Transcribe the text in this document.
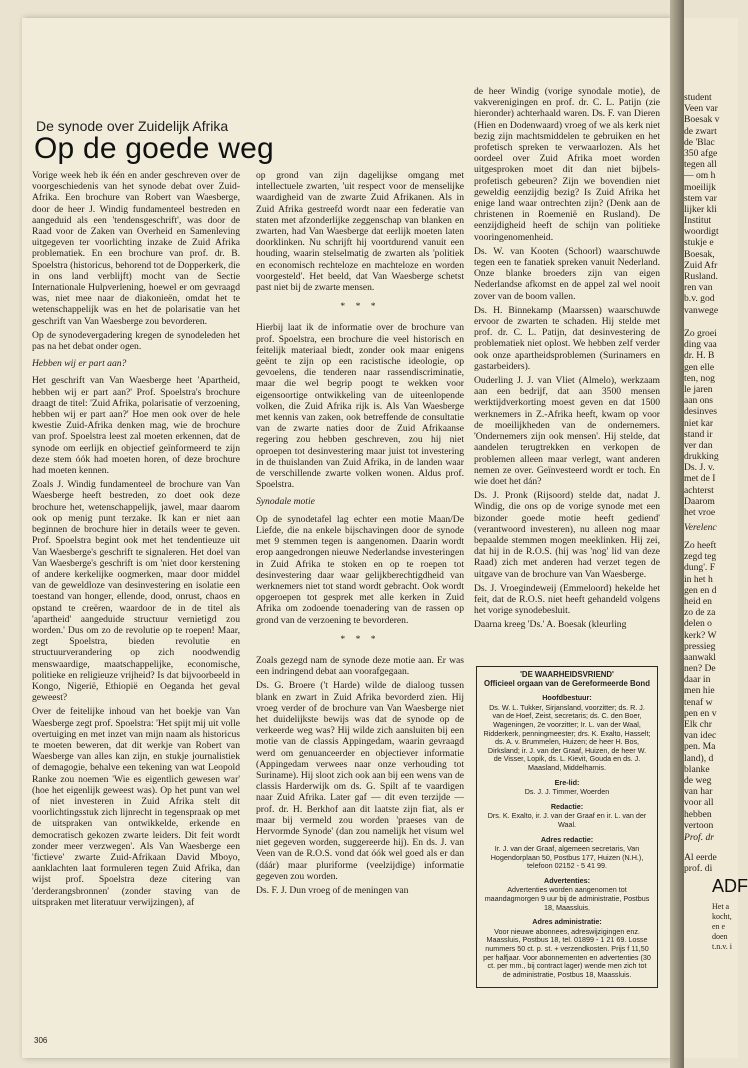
De synode over Zuidelijk Afrika
Op de goede weg

Vorige week heb ik één en ander geschreven over de voorgeschiedenis van het synode debat over Zuid-Afrika. Een brochure van Robert van Waesberge, door de heer J. Windig fundamenteel bestreden en aangeduid als een 'tendensgeschrift', was door de Raad voor de Zaken van Overheid en Samenleving uitgegeven ter voorlichting inzake de Zuid Afrika problematiek. En een brochure van prof. dr. B. Spoelstra (historicus, behorend tot de Dopperkerk, die in ons land verblijft) mocht van de Sectie Internationale Hulpverlening, hoewel er om gevraagd was, niet mee naar de diakonieën, omdat het te wetenschappelijk was en het de polarisatie van het geschrift van Van Waesberge zou bevorderen.

Op de synodevergadering kregen de synodeleden het pas na het debat onder ogen.

Hebben wij er part aan?

Het geschrift van Van Waesberge heet 'Apartheid, hebben wij er part aan?' Prof. Spoelstra's brochure draagt de titel: 'Zuid Afrika, polarisatie of verzoening, hebben wij er part aan?' Hoe men ook over de hele kwestie Zuid-Afrika denken mag, wie de brochure van prof. Spoelstra leest zal moeten erkennen, dat de synode om eerlijk en objectief geïnformeerd te zijn deze stem óók had moeten horen, of deze brochure had moeten kennen.

Zoals J. Windig fundamenteel de brochure van Van Waesberge heeft bestreden, zo doet ook deze brochure het, wetenschappelijk, jawel, maar daarom ook op menig punt terzake. Ik kan er niet aan beginnen de brochure hier in details weer te geven. Prof. Spoelstra begint ook met het tendentieuze uit Van Waesberge's geschrift te signaleren. Het doel van Van Waesberge's geschrift is om 'niet door kerstening of andere kerkelijke oogmerken, maar door middel van de geweldloze van desinvestering en isolatie een toestand van honger, ellende, dood, onrust, chaos en opstand te creëren, waardoor de in de titel als 'apartheid' aangeduide structuur vernietigd zou worden.' Dus om zo de revolutie op te roepen! Maar, zegt Spoelstra, bieden revolutie en structuurverandering op zich noodwendig menswaardige, maatschappelijke, economische, politieke en religieuze vrijheid? Is dat bijvoorbeeld in Kongo, Nigerië, Ethiopië en Oeganda het geval geweest?

Over de feitelijke inhoud van het boekje van Van Waesberge zegt prof. Spoelstra: 'Het spijt mij uit volle overtuiging en met inzet van mijn naam als historicus te moeten beweren, dat dit werkje van Robert van Waesberge van alles kan zijn, en stukje journalistiek of demagogie, behalve een tekening van wat Leopold Ranke zou noemen 'Wie es eigentlich gewesen war' (hoe het eigenlijk geweest was). Op het punt van wel of niet investeren in Zuid Afrika stelt dit voorlichtingsstuk zich lijnrecht in tegenspraak op met de uitspraken van ontwikkelde, erkende en democratisch gekozen zwarte leiders. Dit feit wordt zonder meer verzwegen'. Als Van Waesberge een 'fictieve' zwarte Zuid-Afrikaan David Mboyo, aanklachten laat formuleren tegen Zuid Afrika, dan wijst prof. Spoelstra deze citering van 'derderangsbronnen' (zonder staving van de uitspraken met literatuur verwijzingen), af

op grond van zijn dagelijkse omgang met intellectuele zwarten, 'uit respect voor de menselijke waardigheid van de zwarte Zuid Afrikanen. Als in Zuid Afrika gestreefd wordt naar een federatie van staten met afzonderlijke zeggenschap van blanken en zwarten, had Van Waesberge dat eerlijk moeten laten doorklinken. Nu schrijft hij voortdurend vanuit een houding, waarin stelselmatig de zwarten als 'politiek en economisch rechteloze en machteloze en worden voorgesteld'. Het beeld, dat Van Waesberge schetst past niet bij de zwarte mensen.

* * *

Hierbij laat ik de informatie over de brochure van prof. Spoelstra, een brochure die veel historisch en feitelijk materiaal biedt, zonder ook maar enigens geënt te zijn op een racistische ideologie, op gevoelens, die tenderen naar rassendiscriminatie, maar die wel begrip poogt te wekken voor eigensoortige ontwikkeling van de uiteenlopende volken, die Zuid Afrika rijk is. Als Van Waesberge met kennis van zaken, ook betreffende de consultatie van de zwarte naties door de Zuid Afrikaanse regering zou hebben geschreven, zou hij niet oproepen tot desinvestering maar juist tot investering in de thuislanden van Zuid Afrika, in de landen waar de verschillende zwarte volken wonen. Aldus prof. Spoelstra.

Synodale motie

Op de synodetafel lag echter een motie Maan/De Liefde, die na enkele bijschavingen door de synode met 9 stemmen tegen is aangenomen. Daarin wordt erop aangedrongen nieuwe Nederlandse investeringen in Zuid Afrika te stoken en op te roepen tot desinvestering daar waar gelijkberechtigdheid van werknemers niet tot stand wordt gebracht. Ook wordt opgeroepen tot gesprek met alle kerken in Zuid Afrika om zodoende toenadering van de rassen op grond van de verzoening te bevorderen.

* * *

Zoals gezegd nam de synode deze motie aan. Er was een indringend debat aan voorafgegaan.

Ds. G. Broere ('t Harde) wilde de dialoog tussen blank en zwart in Zuid Afrika bevorderd zien. Hij vroeg verder of de brochure van Van Waesberge niet het duidelijkste bewijs was dat de synode op de verkeerde weg was? Hij wilde zich aansluiten bij een motie van de classis Appingedam, waarin gevraagd werd om genuanceerder en objectiever informatie (Appingedam verwees naar onze verhouding tot Suriname). Hij sloot zich ook aan bij een wens van de classis Harderwijk om ds. G. Spilt af te vaardigen naar Zuid Afrika. Later gaf — dit even terzijde — prof. dr. H. Berkhof aan dit laatste zijn fiat, als er maar bij vermeld zou worden 'praeses van de Hervormde Synode' (dan zou namelijk het visum wel niet gegeven worden, suggereerde hij). En ds. J. van Veen van de R.O.S. vond dat óók wel goed als er dan (dáár) maar pluriforme (veelzijdige) informatie gegeven zou worden.

Ds. F. J. Dun vroeg of de meningen van

de heer Windig (vorige synodale motie), de vakverenigingen en prof. dr. C. L. Patijn (zie hieronder) achterhaald waren. Ds. F. van Dieren (Hien en Dodenwaard) vroeg of we als kerk niet bezig zijn machtsmiddelen te gebruiken en het profetisch spreken te verwaarlozen. Als het oordeel over Zuid Afrika moet worden uitgesproken moet dit dan niet bijbels-profetisch gebeuren? Zijn we bovendien niet geweldig eenzijdig bezig? Is Zuid Afrika het enige land waar ontrechten zijn? (Denk aan de christenen in Roemenië en Rusland). De eenzijdigheid heeft de schijn van politieke vooringenomenheid.

Ds. W. van Kooten (Schoorl) waarschuwde tegen een te fanatiek spreken vanuit Nederland. Onze blanke broeders zijn van eigen Nederlandse afkomst en de appel zal wel nooit zover van de boom vallen.

Ds. H. Binnekamp (Maarssen) waarschuwde ervoor de zwarten te schaden. Hij stelde met prof. dr. C. L. Patijn, dat desinvestering de problematiek niet oplost. We hebben zelf verder ook onze apartheidsproblemen (Surinamers en gastarbeiders).

Ouderling J. J. van Vliet (Almelo), werkzaam aan een bedrijf, dat aan 3500 mensen werktijdverkorting moest geven en dat 1500 werknemers in Z.-Afrika heeft, kwam op voor de moeilijkheden van de ondernemers. 'Ondernemers zijn ook mensen'. Hij stelde, dat aandelen terugtrekken en verkopen de problemen alleen maar verlegt, want anderen nemen ze over. Geïnvesteerd wordt er toch. En wie doet het dán?

Ds. J. Pronk (Rijsoord) stelde dat, nadat J. Windig, die ons op de vorige synode met een bizonder goede motie heeft gediend' (verantwoord investeren), nu alleen nog maar bepaalde stemmen mogen meeklinken. Hij zei, dat hij in de R.O.S. (hij was 'nog' lid van deze Raad) zich met anderen had verzet tegen de uitgave van de brochure van Van Waesberge.

Ds. J. Vroegindeweij (Emmeloord) hekelde het feit, dat de R.O.S. niet heeft gehandeld volgens het vorige synodebesluit.

Daarna kreeg 'Ds.' A. Boesak (kleurling

'DE WAARHEIDSVRIEND'
Officieel orgaan van de Gereformeerde Bond
Hoofdbestuur:

Ds. W. L. Tukker, Sirjansland, voorzitter; ds. R. J. van de Hoef, Zeist, secretaris; ds. C. den Boer, Wageningen, 2e voorzitter; Ir. L. van der Waal, Ridderkerk, penningmeester; drs. K. Exalto, Hasselt; ds. A. v. Brummelen, Huizen; de heer H. Bos, Dirksland; ir. J. van der Graaf, Huizen, de heer W. de Visser, Lopik, ds. L. Kievit, Gouda en ds. J. Maasland, Middelharnis.

Ere-lid:

Ds. J. J. Timmer, Woerden

Redactie:

Drs. K. Exalto, ir. J. van der Graaf en ir. L. van der Waal.

Adres redactie:

Ir. J. van der Graaf, algemeen secretaris, Van Hogendorplaan 50, Postbus 177, Huizen (N.H.), telefoon 02152 - 5 41 99.

Advertenties:

Advertenties worden aangenomen tot maandagmorgen 9 uur bij de administratie, Postbus 18, Maassluis.

Adres administratie:

Voor nieuwe abonnees, adreswijzigingen enz. Maassluis, Postbus 18, tel. 01899 - 1 21 69. Losse nummers 50 ct. p. st. + verzendkosten. Prijs f 11,50 per halfjaar. Voor abonnementen en advertenties (30 ct. per mm., bij contract lager) wende men zich tot de administratie, Postbus 18, Maassluis.

306
student
Veen var
Boesak v
de zwart
de 'Blac
350 afge
tegen all
— om h
moeilijk
stem var
lijker kli
Institut
woordigt
stukje e
Boesak,
Zuid Afr
Rusland.
ren van
b.v. god
vanwege
Zo groei
ding vaa
dr. H. B
gen elle
ten, nog
le jaren
aan ons
desinves
niet kar
stand ir
ver dan
drukking
Ds. J. v.
met de I
achterst
Daarom
het vroe
Verelenc
Zo heeft
zegd teg
dung'. F
in het h
gen en d
heid en
zo de za
delen o
kerk? W
pressieg
aanwakl
nen? De
daar in
men hie
tenaf w
pen en v
Elk chr
van idec
pen. Ma
land), d
blanke
de weg
van har
voor all
hebben
vertoon
Prof. dr
Al eerde
prof. di
ADF
Het a
kocht,
en e
doen
t.n.v. i
